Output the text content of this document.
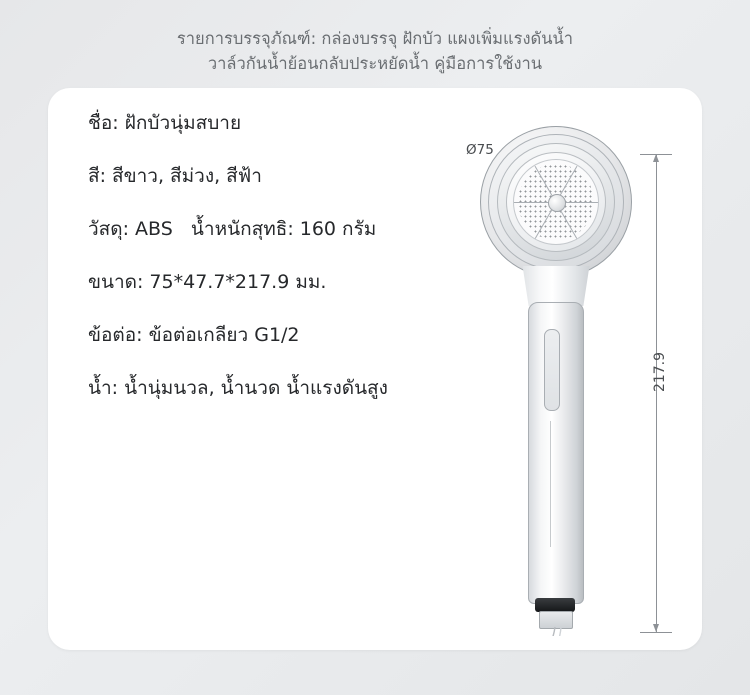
รายการบรรจุภัณฑ์: กล่องบรรจุ ฝักบัว แผงเพิ่มแรงดันน้ำ
วาล์วกันน้ำย้อนกลับประหยัดน้ำ คู่มือการใช้งาน
ชื่อ: ฝักบัวนุ่มสบาย
สี: สีขาว, สีม่วง, สีฟ้า
วัสดุ: ABS   น้ำหนักสุทธิ: 160 กรัม
ขนาด: 75*47.7*217.9 มม.
ข้อต่อ: ข้อต่อเกลียว G1/2
น้ำ: น้ำนุ่มนวล, น้ำนวด น้ำแรงดันสูง	217.9
Ø75
